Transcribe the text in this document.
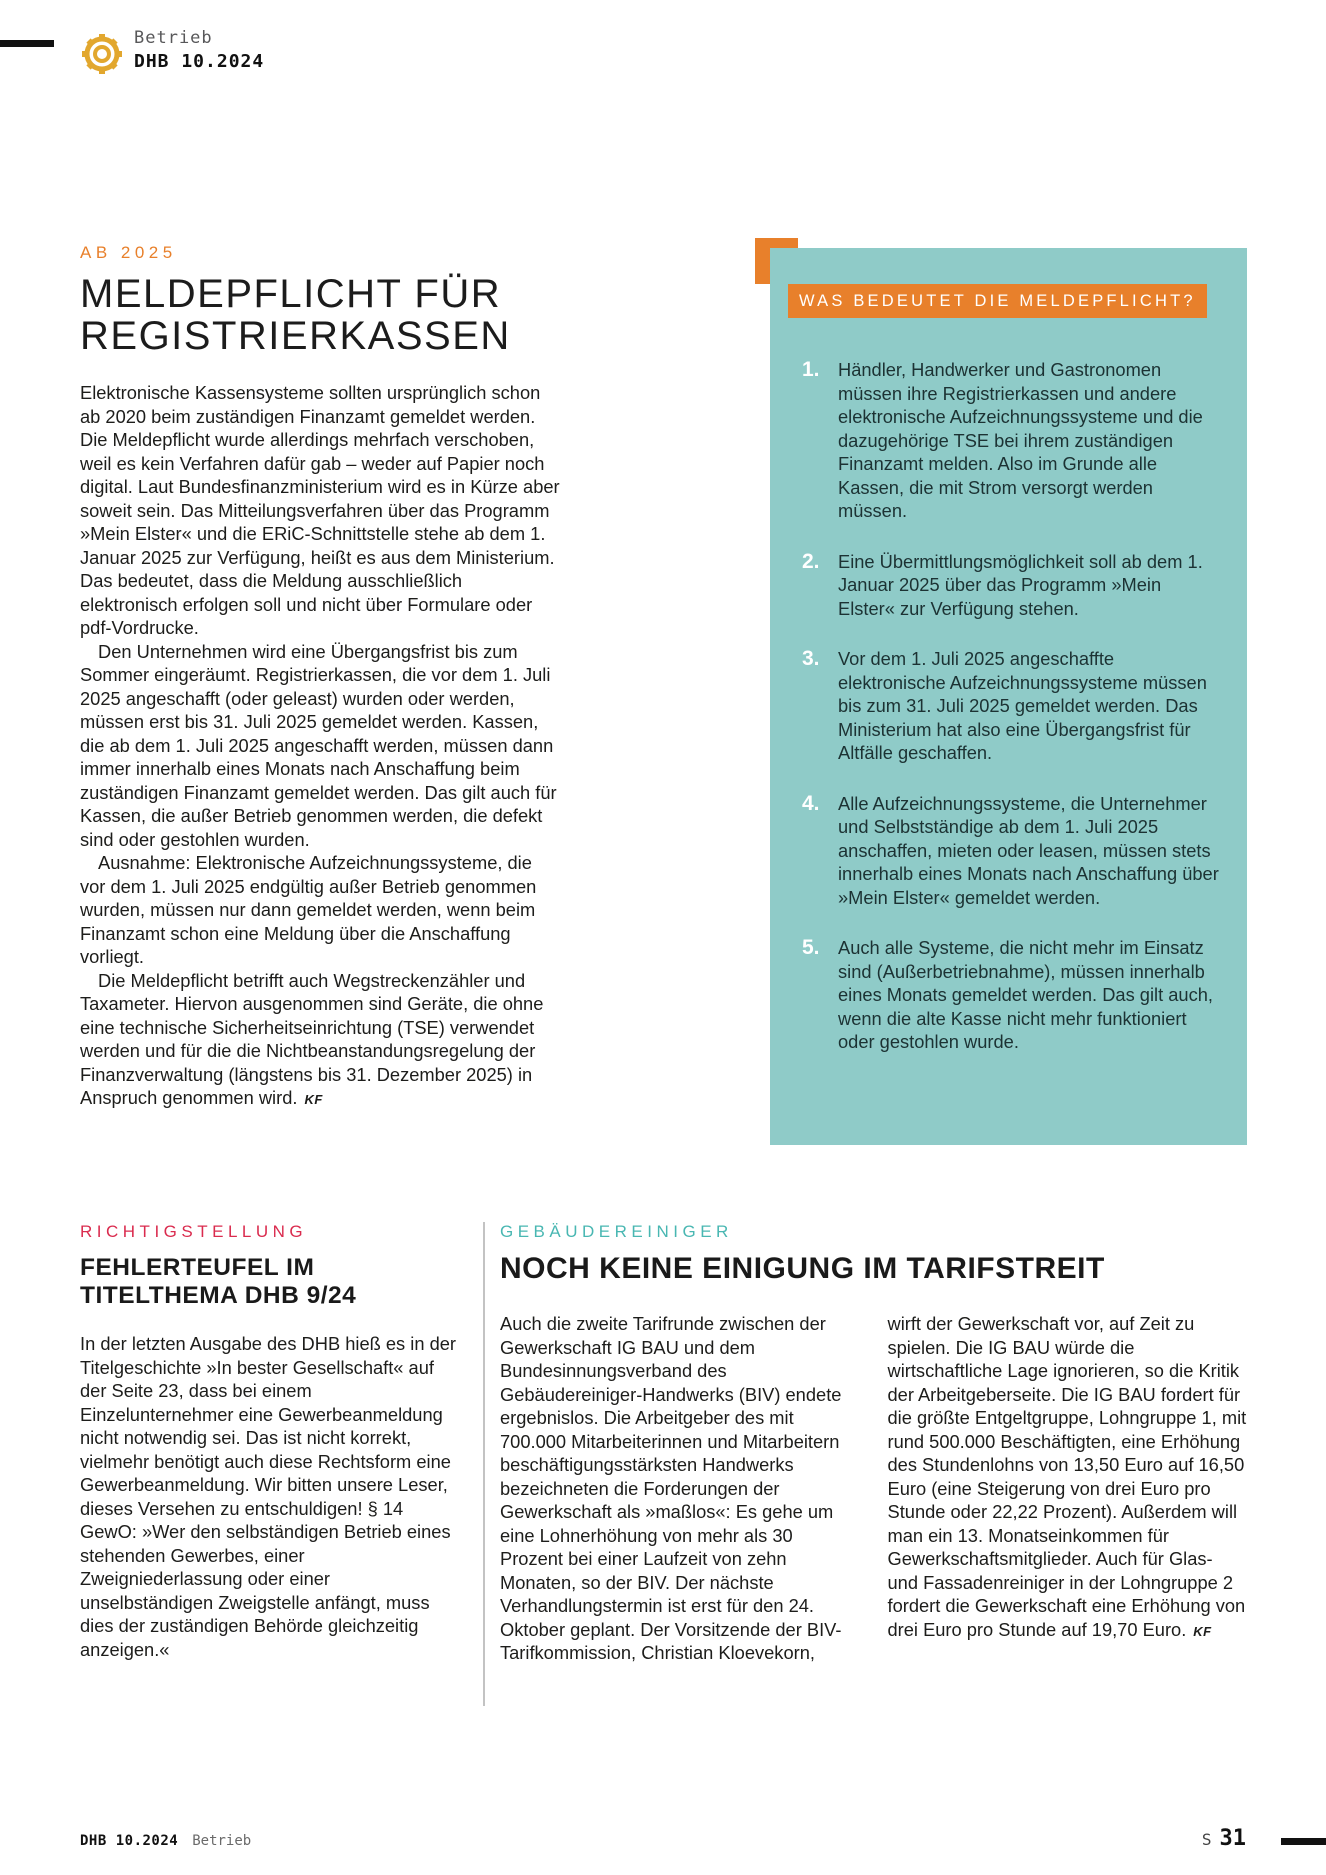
Betrieb
DHB 10.2024
AB 2025
MELDEPFLICHT FÜR
REGISTRIERKASSEN

Elektronische Kassensysteme sollten ursprünglich schon ab 2020 beim zuständigen Finanzamt gemeldet werden. Die Meldepflicht wurde allerdings mehrfach verschoben, weil es kein Verfahren dafür gab – weder auf Papier noch digital. Laut Bundesfinanzministerium wird es in Kürze aber soweit sein. Das Mitteilungsverfahren über das Programm »Mein Elster« und die ERiC-Schnittstelle stehe ab dem 1. Januar 2025 zur Verfügung, heißt es aus dem Ministerium. Das bedeutet, dass die Meldung ausschließlich elektronisch erfolgen soll und nicht über Formulare oder pdf-Vordrucke.

Den Unternehmen wird eine Übergangsfrist bis zum Sommer eingeräumt. Registrierkassen, die vor dem 1. Juli 2025 angeschafft (oder geleast) wurden oder werden, müssen erst bis 31. Juli 2025 gemeldet werden. Kassen, die ab dem 1. Juli 2025 angeschafft werden, müssen dann immer innerhalb eines Monats nach Anschaffung beim zuständigen Finanzamt gemeldet werden. Das gilt auch für Kassen, die außer Betrieb genommen werden, die defekt sind oder gestohlen wurden.

Ausnahme: Elektronische Aufzeichnungssysteme, die vor dem 1. Juli 2025 endgültig außer Betrieb genommen wurden, müssen nur dann gemeldet werden, wenn beim Finanzamt schon eine Meldung über die Anschaffung vorliegt.

Die Meldepflicht betrifft auch Wegstreckenzähler und Taxameter. Hiervon ausgenommen sind Geräte, die ohne eine technische Sicherheitseinrichtung (TSE) verwendet werden und für die die Nichtbeanstandungsregelung der Finanzverwaltung (längstens bis 31. Dezember 2025) in Anspruch genommen wird. KF

WAS BEDEUTET DIE MELDEPFLICHT?
1.	Händler, Handwerker und Gastronomen müssen ihre Registrierkassen und andere elektronische Aufzeichnungssysteme und die dazugehörige TSE bei ihrem zuständigen Finanzamt melden. Also im Grunde alle Kassen, die mit Strom versorgt werden müssen.

2.	Eine Übermittlungsmöglichkeit soll ab dem 1. Januar 2025 über das Programm »Mein Elster« zur Verfügung stehen.

3.	Vor dem 1. Juli 2025 angeschaffte elektronische Aufzeichnungssysteme müssen bis zum 31. Juli 2025 gemeldet werden. Das Ministerium hat also eine Übergangsfrist für Altfälle geschaffen.

4.	Alle Aufzeichnungssysteme, die Unternehmer und Selbstständige ab dem 1. Juli 2025 anschaffen, mieten oder leasen, müssen stets innerhalb eines Monats nach Anschaffung über »Mein Elster« gemeldet werden.

5.	Auch alle Systeme, die nicht mehr im Einsatz sind (Außerbetriebnahme), müssen innerhalb eines Monats gemeldet werden. Das gilt auch, wenn die alte Kasse nicht mehr funktioniert oder gestohlen wurde.

RICHTIGSTELLUNG
FEHLERTEUFEL IM
TITELTHEMA DHB 9/24

In der letzten Ausgabe des DHB hieß es in der Titelgeschichte »In bester Gesellschaft« auf der Seite 23, dass bei einem Einzelunternehmer eine Gewerbeanmeldung nicht notwendig sei. Das ist nicht korrekt, vielmehr benötigt auch diese Rechtsform eine Gewerbeanmeldung. Wir bitten unsere Leser, dieses Versehen zu entschuldigen! § 14 GewO: »Wer den selbständigen Betrieb eines stehenden Gewerbes, einer Zweigniederlassung oder einer unselbständigen Zweigstelle anfängt, muss dies der zuständigen Behörde gleichzeitig anzeigen.«

GEBÄUDEREINIGER
NOCH KEINE EINIGUNG IM TARIFSTREIT

Auch die zweite Tarifrunde zwischen der Gewerkschaft IG BAU und dem Bundesinnungsverband des Gebäudereiniger-Handwerks (BIV) endete ergebnislos. Die Arbeitgeber des mit 700.000 Mitarbeiterinnen und Mitarbeitern beschäftigungsstärksten Handwerks bezeichneten die Forderungen der Gewerkschaft als »maßlos«: Es gehe um eine Lohnerhöhung von mehr als 30 Prozent bei einer Laufzeit von zehn Monaten, so der BIV. Der nächste Verhandlungstermin ist erst für den 24. Oktober geplant. Der Vorsitzende der BIV-Tarifkommission, Christian Kloevekorn,

wirft der Gewerkschaft vor, auf Zeit zu spielen. Die IG BAU würde die wirtschaftliche Lage ignorieren, so die Kritik der Arbeitgeberseite. Die IG BAU fordert für die größte Entgeltgruppe, Lohngruppe 1, mit rund 500.000 Beschäftigten, eine Erhöhung des Stundenlohns von 13,50 Euro auf 16,50 Euro (eine Steigerung von drei Euro pro Stunde oder 22,22 Prozent). Außerdem will man ein 13. Monatseinkommen für Gewerkschaftsmitglieder. Auch für Glas- und Fassadenreiniger in der Lohngruppe 2 fordert die Gewerkschaft eine Erhöhung von drei Euro pro Stunde auf 19,70 Euro. KF

DHB 10.2024 Betrieb	S 31
